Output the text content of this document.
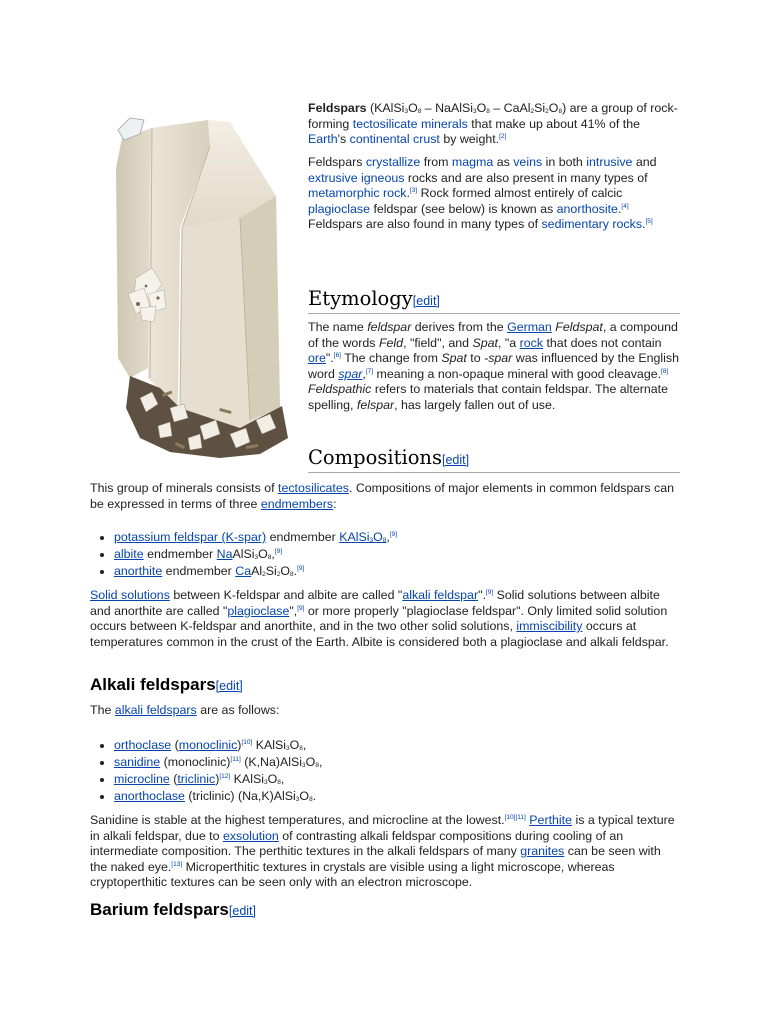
Feldspars ($KAlSi_3O_8$ – $NaAlSi_3O_8$ – $CaAl_2Si_2O_8$) are a group of rock-forming tectosilicate minerals that make up about 41% of the Earth's continental crust by weight.[2]

Feldspars crystallize from magma as veins in both intrusive and extrusive igneous rocks and are also present in many types of metamorphic rock.[3] Rock formed almost entirely of calcic plagioclase feldspar (see below) is known as anorthosite.[4] Feldspars are also found in many types of sedimentary rocks.[5]

Etymology[edit]

The name feldspar derives from the German Feldspat, a compound of the words Feld, "field", and Spat, "a rock that does not contain ore".[6] The change from Spat to -spar was influenced by the English word spar,[7] meaning a non-opaque mineral with good cleavage.[8] Feldspathic refers to materials that contain feldspar. The alternate spelling, felspar, has largely fallen out of use.

Compositions[edit]

This group of minerals consists of tectosilicates. Compositions of major elements in common feldspars can be expressed in terms of three endmembers:

• potassium feldspar (K-spar) endmember $KAlSi_3O_8,[9]$
• albite endmember $NaAlSi_3O_8,[9]$
• anorthite endmember $CaAl_2Si_2O_8.[9]$

Solid solutions between K-feldspar and albite are called "alkali feldspar".[9] Solid solutions between albite and anorthite are called "plagioclase",[9] or more properly "plagioclase feldspar". Only limited solid solution occurs between K-feldspar and anorthite, and in the two other solid solutions, immiscibility occurs at temperatures common in the crust of the Earth. Albite is considered both a plagioclase and alkali feldspar.

Alkali feldspars[edit]

The alkali feldspars are as follows:

• orthoclase (monoclinic)[10] $KAlSi_3O_8$,
• sanidine (monoclinic)[11] $(K,Na)AlSi_3O_8$,
• microcline (triclinic)[12] $KAlSi_3O_8$,
• anorthoclase (triclinic) $(Na,K)AlSi_3O_8$.

Sanidine is stable at the highest temperatures, and microcline at the lowest.[10][11] Perthite is a typical texture in alkali feldspar, due to exsolution of contrasting alkali feldspar compositions during cooling of an intermediate composition. The perthitic textures in the alkali feldspars of many granites can be seen with the naked eye.[13] Microperthitic textures in crystals are visible using a light microscope, whereas cryptoperthitic textures can be seen only with an electron microscope.

Barium feldspars[edit]
